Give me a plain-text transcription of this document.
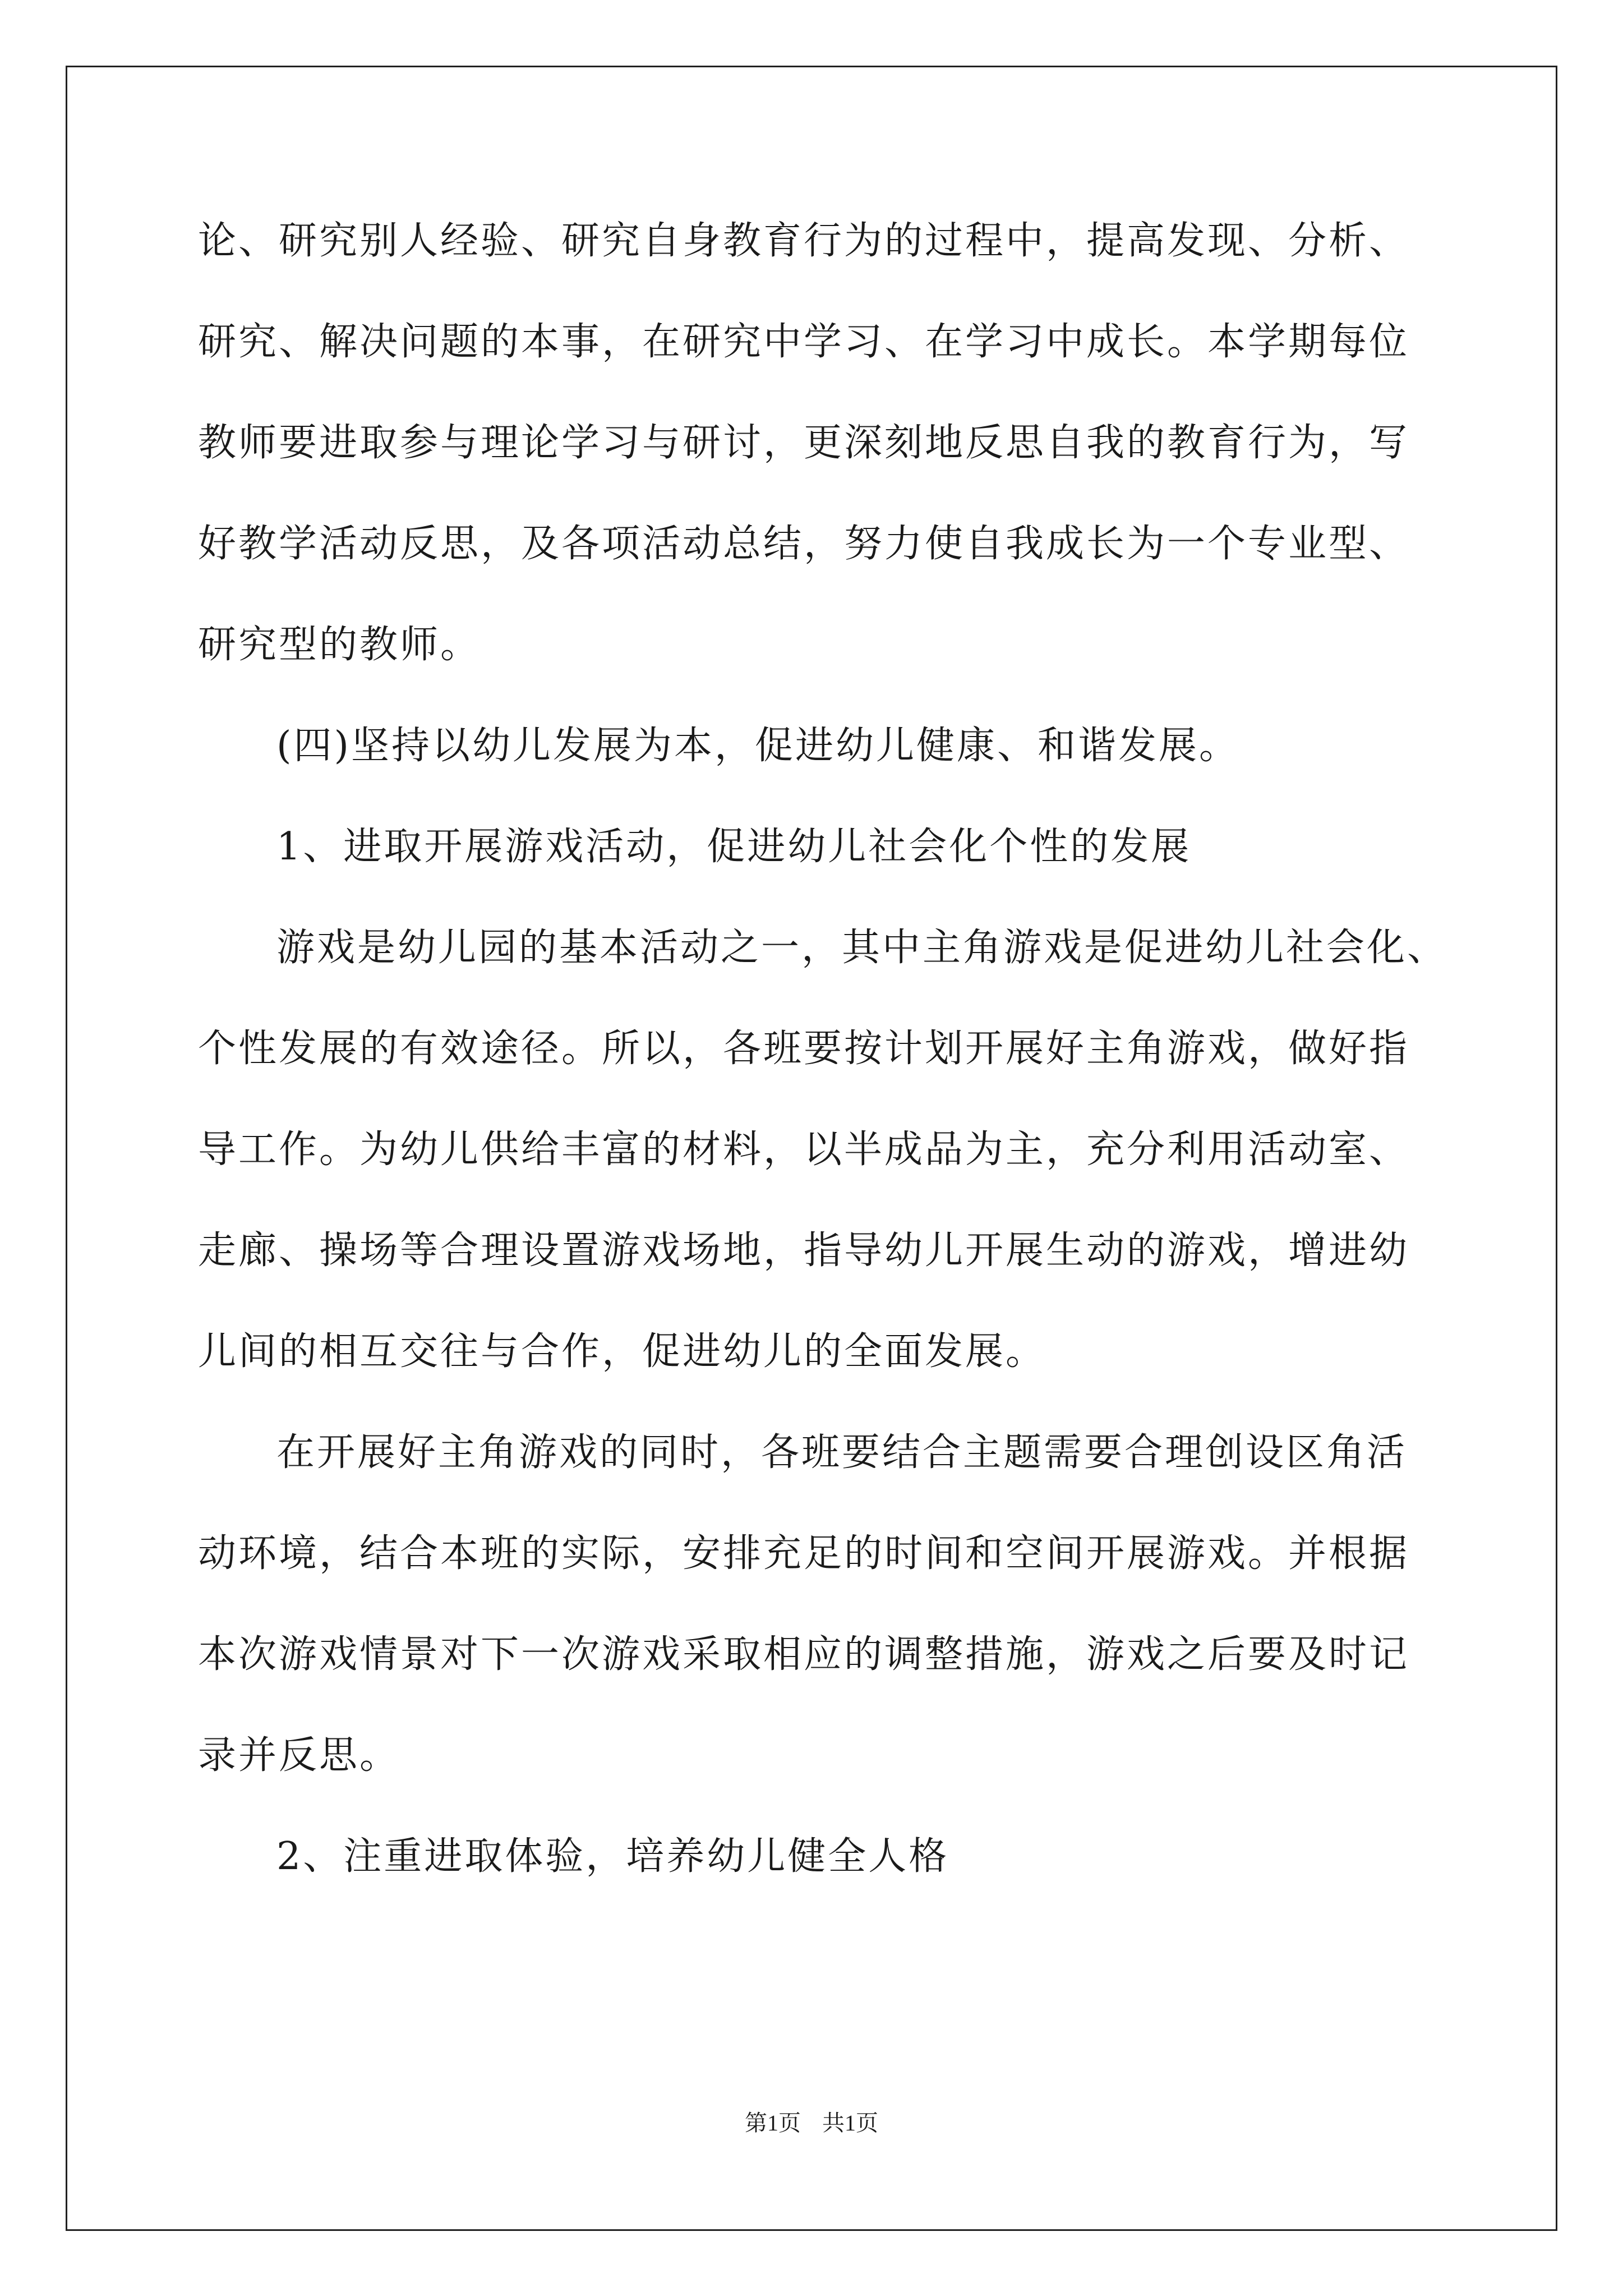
论、研究别人经验、研究自身教育行为的过程中，提高发现、分析、
研究、解决问题的本事，在研究中学习、在学习中成长。本学期每位
教师要进取参与理论学习与研讨，更深刻地反思自我的教育行为，写
好教学活动反思，及各项活动总结，努力使自我成长为一个专业型、
研究型的教师。
(四)坚持以幼儿发展为本，促进幼儿健康、和谐发展。
1、进取开展游戏活动，促进幼儿社会化个性的发展
游戏是幼儿园的基本活动之一，其中主角游戏是促进幼儿社会化、
个性发展的有效途径。所以，各班要按计划开展好主角游戏，做好指
导工作。为幼儿供给丰富的材料，以半成品为主，充分利用活动室、
走廊、操场等合理设置游戏场地，指导幼儿开展生动的游戏，增进幼
儿间的相互交往与合作，促进幼儿的全面发展。
在开展好主角游戏的同时，各班要结合主题需要合理创设区角活
动环境，结合本班的实际，安排充足的时间和空间开展游戏。并根据
本次游戏情景对下一次游戏采取相应的调整措施，游戏之后要及时记
录并反思。
2、注重进取体验，培养幼儿健全人格
第1页 共1页
